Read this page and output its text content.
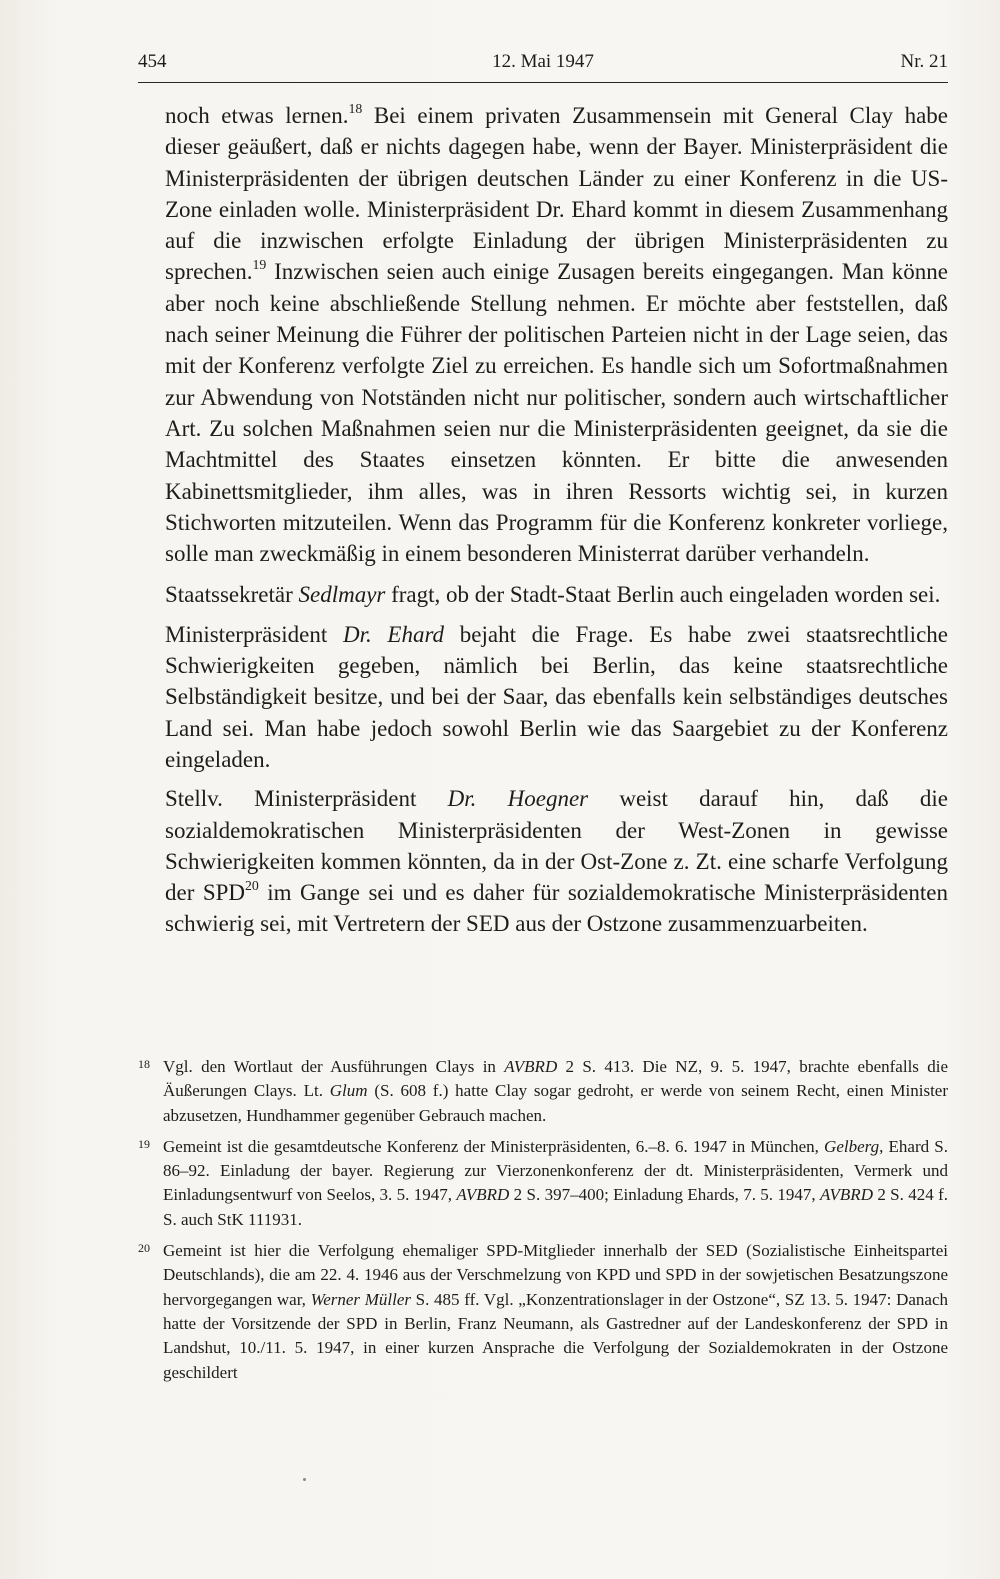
454	12. Mai 1947	Nr. 21

noch etwas lernen.$^{18}$ Bei einem privaten Zusammensein mit General Clay habe dieser geäußert, daß er nichts dagegen habe, wenn der Bayer. Ministerpräsident die Ministerpräsidenten der übrigen deutschen Länder zu einer Konferenz in die US-Zone einladen wolle. Ministerpräsident Dr. Ehard kommt in diesem Zusammenhang auf die inzwischen erfolgte Einladung der übrigen Ministerpräsidenten zu sprechen.$^{19}$ Inzwischen seien auch einige Zusagen bereits eingegangen. Man könne aber noch keine abschließende Stellung nehmen. Er möchte aber feststellen, daß nach seiner Meinung die Führer der politischen Parteien nicht in der Lage seien, das mit der Konferenz verfolgte Ziel zu erreichen. Es handle sich um Sofortmaßnahmen zur Abwendung von Notständen nicht nur politischer, sondern auch wirtschaftlicher Art. Zu solchen Maßnahmen seien nur die Ministerpräsidenten geeignet, da sie die Machtmittel des Staates einsetzen könnten. Er bitte die anwesenden Kabinettsmitglieder, ihm alles, was in ihren Ressorts wichtig sei, in kurzen Stichworten mitzuteilen. Wenn das Programm für die Konferenz konkreter vorliege, solle man zweckmäßig in einem besonderen Ministerrat darüber verhandeln.

Staatssekretär Sedlmayr fragt, ob der Stadt-Staat Berlin auch eingeladen worden sei.

Ministerpräsident Dr. Ehard bejaht die Frage. Es habe zwei staatsrechtliche Schwierigkeiten gegeben, nämlich bei Berlin, das keine staatsrechtliche Selbständigkeit besitze, und bei der Saar, das ebenfalls kein selbständiges deutsches Land sei. Man habe jedoch sowohl Berlin wie das Saargebiet zu der Konferenz eingeladen.

Stellv. Ministerpräsident Dr. Hoegner weist darauf hin, daß die sozialdemokratischen Ministerpräsidenten der West-Zonen in gewisse Schwierigkeiten kommen könnten, da in der Ost-Zone z. Zt. eine scharfe Verfolgung der SPD$^{20}$ im Gange sei und es daher für sozialdemokratische Ministerpräsidenten schwierig sei, mit Vertretern der SED aus der Ostzone zusammenzuarbeiten.

18 Vgl. den Wortlaut der Ausführungen Clays in AVBRD 2 S. 413. Die NZ, 9. 5. 1947, brachte ebenfalls die Äußerungen Clays. Lt. Glum (S. 608 f.) hatte Clay sogar gedroht, er werde von seinem Recht, einen Minister abzusetzen, Hundhammer gegenüber Gebrauch machen.
19 Gemeint ist die gesamtdeutsche Konferenz der Ministerpräsidenten, 6.–8. 6. 1947 in München, Gelberg, Ehard S. 86–92. Einladung der bayer. Regierung zur Vierzonenkonferenz der dt. Ministerpräsidenten, Vermerk und Einladungsentwurf von Seelos, 3. 5. 1947, AVBRD 2 S. 397–400; Einladung Ehards, 7. 5. 1947, AVBRD 2 S. 424 f. S. auch StK 111931.
20 Gemeint ist hier die Verfolgung ehemaliger SPD-Mitglieder innerhalb der SED (Sozialistische Einheitspartei Deutschlands), die am 22. 4. 1946 aus der Verschmelzung von KPD und SPD in der sowjetischen Besatzungszone hervorgegangen war, Werner Müller S. 485 ff. Vgl. „Konzentrationslager in der Ostzone“, SZ 13. 5. 1947: Danach hatte der Vorsitzende der SPD in Berlin, Franz Neumann, als Gastredner auf der Landeskonferenz der SPD in Landshut, 10./11. 5. 1947, in einer kurzen Ansprache die Verfolgung der Sozialdemokraten in der Ostzone geschildert
